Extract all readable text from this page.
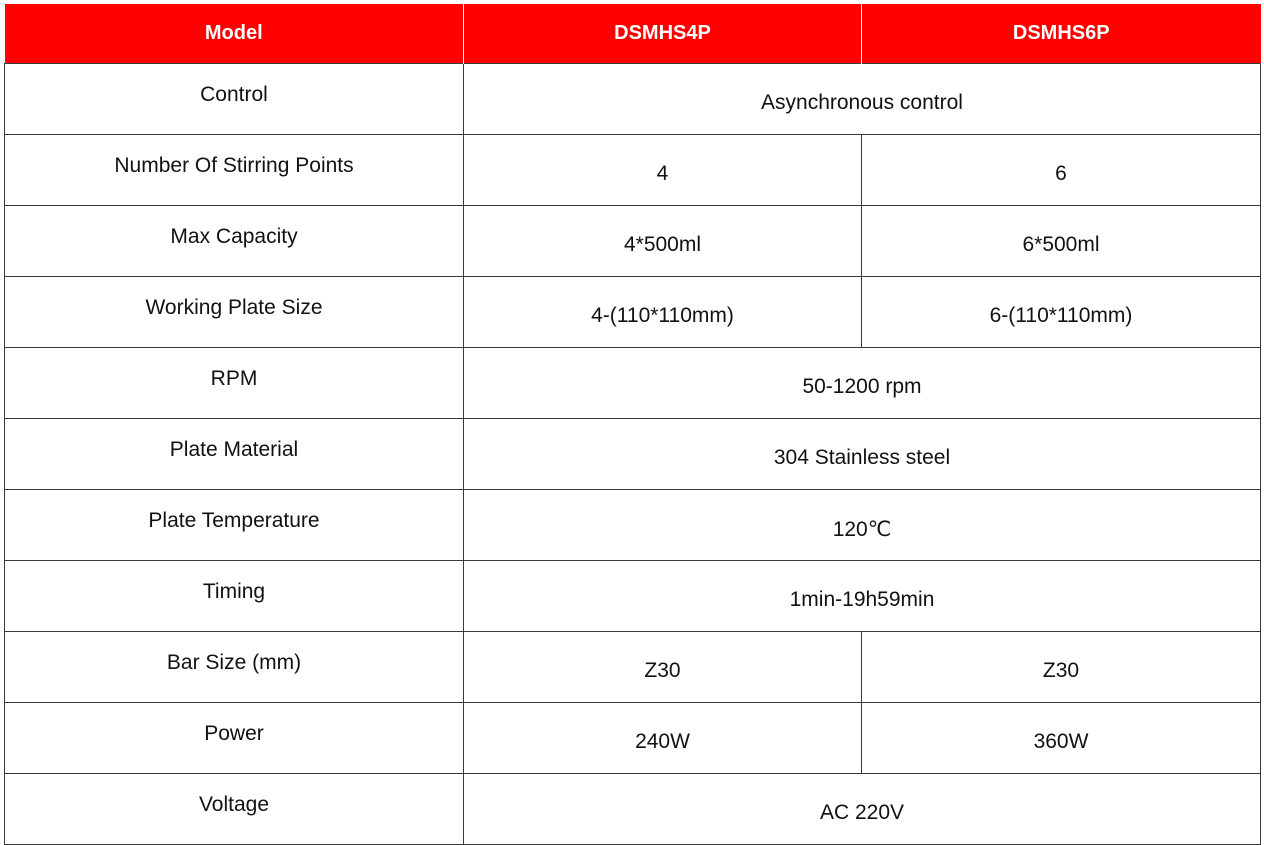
Model	DSMHS4P	DSMHS6P
Control	Asynchronous control	
Number Of Stirring Points	4	6
Max Capacity	4*500ml	6*500ml
Working Plate Size	4-(110*110mm)	6-(110*110mm)
RPM	50-1200 rpm	
Plate Material	304 Stainless steel	
Plate Temperature	120℃	
Timing	1min-19h59min	
Bar Size (mm)	Z30	Z30
Power	240W	360W
Voltage	AC 220V	
